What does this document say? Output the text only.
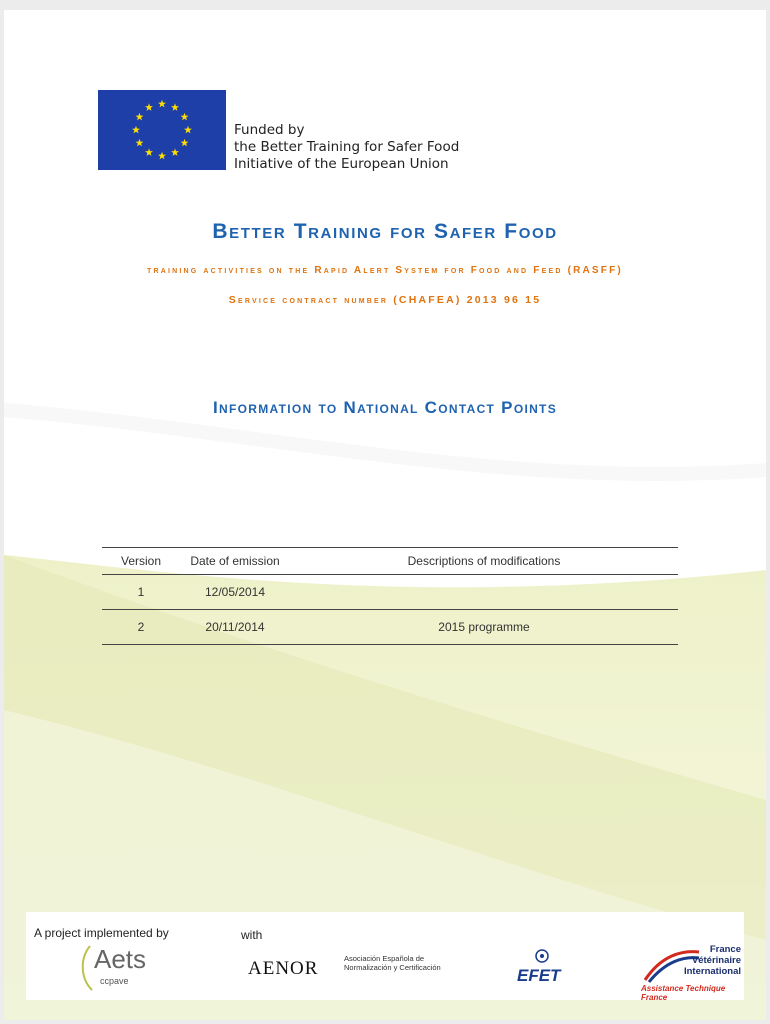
Funded by
the Better Training for Safer Food
Initiative of the European Union
Better Training for Safer Food
training activities on the Rapid Alert System for Food and Feed (RASFF)
Service contract number (CHAFEA) 2013 96 15
Information to National Contact Points
Version	Date of emission	Descriptions of modifications
1	12/05/2014	
2	20/11/2014	2015 programme
A project implemented by	with
Aets
ccpave
AENOR	Asociación Española de
Normalización y Certificación	EFET
France
Vétérinaire
International
Assistance Technique France
